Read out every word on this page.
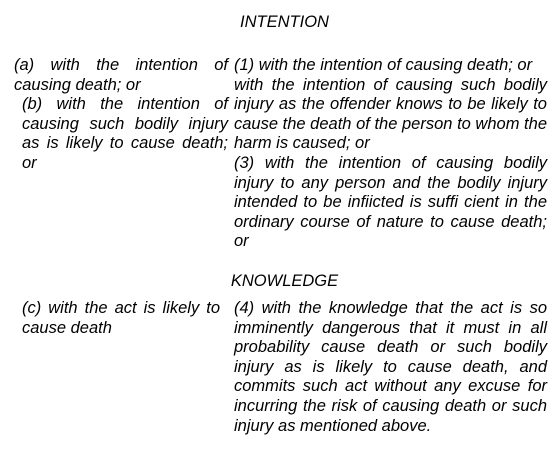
INTENTION

(a) with the intention of causing death; or

(b) with the intention of causing such bodily injury as is likely to cause death; or

(1) with the intention of causing death; or

with the intention of causing such bodily injury as the offender knows to be likely to cause the death of the person to whom the harm is caused; or

(3) with the intention of causing bodily injury to any person and the bodily injury intended to be infiicted is suffi cient in the ordinary course of nature to cause death; or

KNOWLEDGE

(c) with the act is likely to cause death

(4) with the knowledge that the act is so imminently dangerous that it must in all probability cause death or such bodily injury as is likely to cause death, and commits such act without any excuse for incurring the risk of causing death or such injury as mentioned above.
